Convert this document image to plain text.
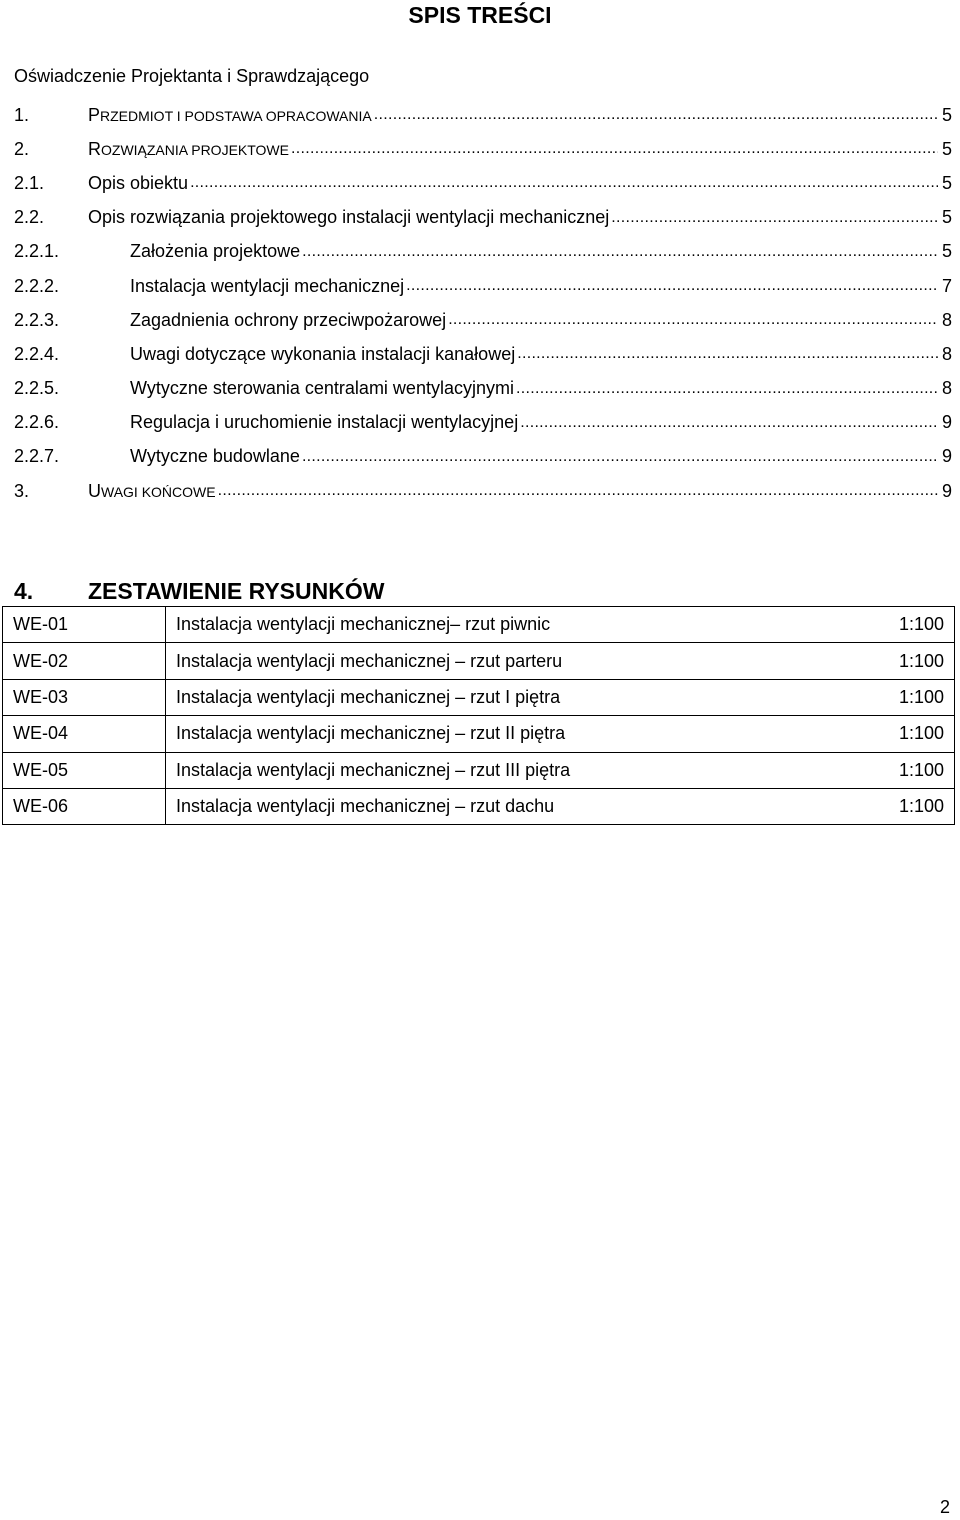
SPIS TREŚCI
Oświadczenie Projektanta i Sprawdzającego
1.	PRZEDMIOT I PODSTAWA OPRACOWANIA .....	5
2.	ROZWIĄZANIA PROJEKTOWE .....	5
2.1.	Opis obiektu .....	5
2.2.	Opis rozwiązania projektowego instalacji wentylacji mechanicznej .....	5
2.2.1.	Założenia projektowe .....	5
2.2.2.	Instalacja wentylacji mechanicznej .....	7
2.2.3.	Zagadnienia ochrony przeciwpożarowej .....	8
2.2.4.	Uwagi dotyczące wykonania instalacji kanałowej .....	8
2.2.5.	Wytyczne sterowania centralami wentylacyjnymi .....	8
2.2.6.	Regulacja i uruchomienie instalacji wentylacyjnej .....	9
2.2.7.	Wytyczne budowlane .....	9
3.	UWAGI KOŃCOWE .....	9
4.	ZESTAWIENIE RYSUNKÓW
WE-01	Instalacja wentylacji mechanicznej– rzut piwnic	1:100
WE-02	Instalacja wentylacji mechanicznej – rzut parteru	1:100
WE-03	Instalacja wentylacji mechanicznej – rzut I piętra	1:100
WE-04	Instalacja wentylacji mechanicznej – rzut II piętra	1:100
WE-05	Instalacja wentylacji mechanicznej – rzut III piętra	1:100
WE-06	Instalacja wentylacji mechanicznej – rzut dachu	1:100
2
